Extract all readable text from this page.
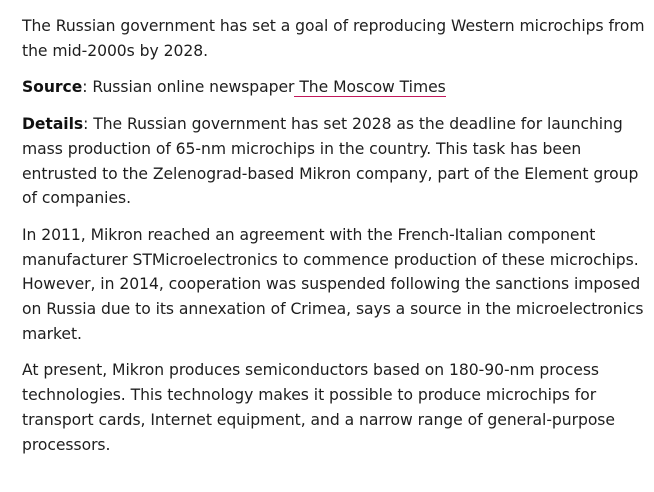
The Russian government has set a goal of reproducing Western microchips from the mid-2000s by 2028.

Source: Russian online newspaper The Moscow Times

Details: The Russian government has set 2028 as the deadline for launching mass production of 65-nm microchips in the country. This task has been entrusted to the Zelenograd-based Mikron company, part of the Element group of companies.

In 2011, Mikron reached an agreement with the French-Italian component manufacturer STMicroelectronics to commence production of these microchips. However, in 2014, cooperation was suspended following the sanctions imposed on Russia due to its annexation of Crimea, says a source in the microelectronics market.

At present, Mikron produces semiconductors based on 180-90-nm process technologies. This technology makes it possible to produce microchips for transport cards, Internet equipment, and a narrow range of general-purpose processors.
